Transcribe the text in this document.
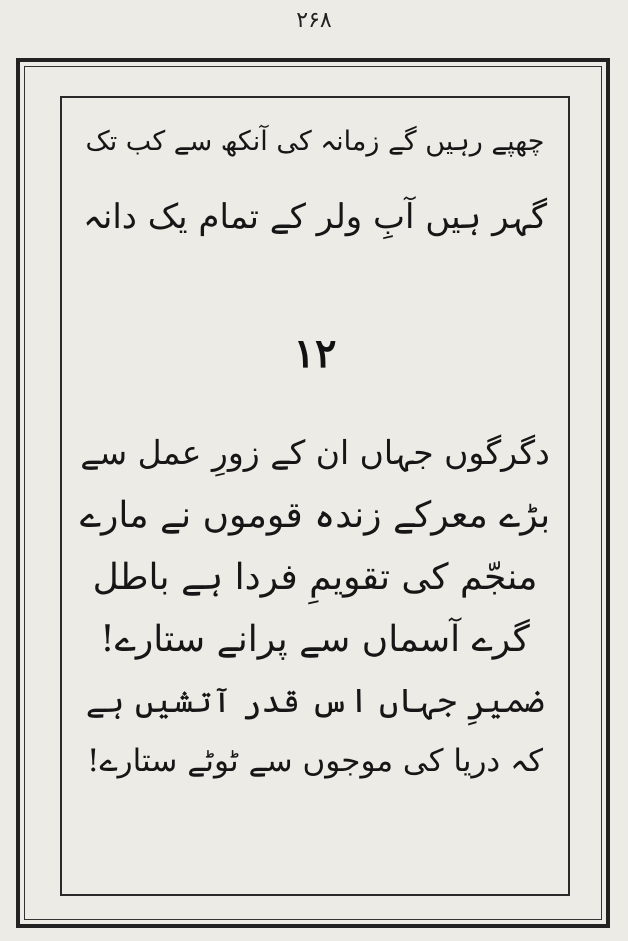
۲۶۸
چھپے رہیں گے زمانہ کی آنکھ سے کب تک
گہر ہیں آبِ ولر کے تمام یک دانہ
۱۲
دگرگوں جہاں ان کے زورِ عمل سے
بڑے معرکے زندہ قوموں نے مارے
منجّم کی تقویمِ فردا ہے باطل
گرے آسماں سے پرانے ستارے!
ضمیرِ جہاں اس قدر آتشیں ہے
کہ دریا کی موجوں سے ٹوٹے ستارے!
